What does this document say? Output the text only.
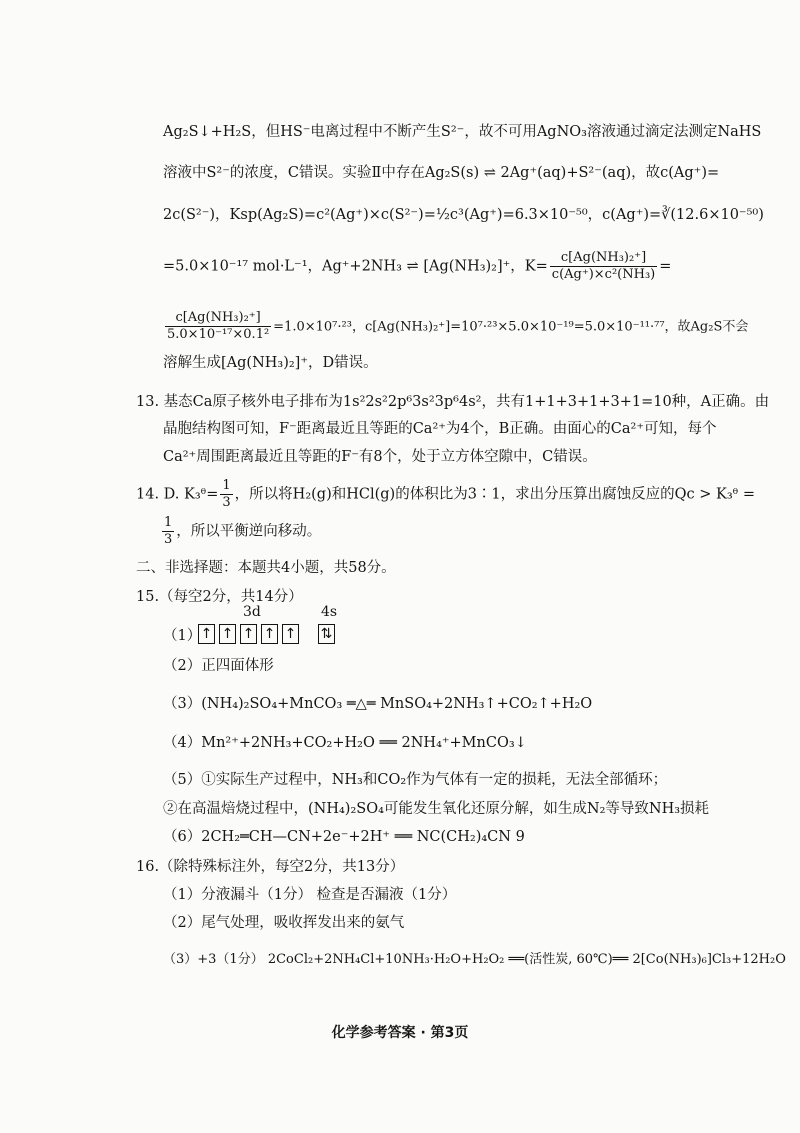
Ag₂S↓+H₂S，但HS⁻电离过程中不断产生S²⁻，故不可用AgNO₃溶液通过滴定法测定NaHS
溶液中S²⁻的浓度，C错误。实验Ⅱ中存在Ag₂S(s) ⇌ 2Ag⁺(aq)+S²⁻(aq)，故c(Ag⁺)=
2c(S²⁻)，Ksp(Ag₂S)=c²(Ag⁺)×c(S²⁻)=½c³(Ag⁺)=6.3×10⁻⁵⁰，c(Ag⁺)=∛(12.6×10⁻⁵⁰)
=5.0×10⁻¹⁷ mol·L⁻¹，Ag⁺+2NH₃ ⇌ [Ag(NH₃)₂]⁺，$K= \frac{\text{c[Ag(NH₃)₂⁺]}}{\text{c(Ag⁺)×c²(NH₃)}}$ =
$\frac{\text{c[Ag(NH₃)₂⁺]}}{\text{5.0×10⁻¹⁷×0.1²}} =1.0\times 10^7\cdot^{23}$，c[Ag(NH₃)₂⁺]=10⁷·²³×5.0×10⁻¹⁹=5.0×10⁻¹¹·⁷⁷，故Ag₂S不会
溶解生成[Ag(NH₃)₂]⁺，D错误。
13. 基态Ca原子核外电子排布为1s²2s²2p⁶3s²3p⁶4s²，共有1+1+3+1+3+1=10种，A正确。由
晶胞结构图可知，F⁻距离最近且等距的Ca²⁺为4个，B正确。由面心的Ca²⁺可知，每个
Ca²⁺周围距离最近且等距的F⁻有8个，处于立方体空隙中，C错误。
14. D. K₃ᶿ= $\frac{1}{3}$ ，所以将H₂(g)和HCl(g)的体积比为3∶1，求出分压算出腐蚀反应的Qc > K₃ᶿ =
$\frac{1}{3}$ ，所以平衡逆向移动。
二、非选择题：本题共4小题，共58分。
15.（每空2分，共14分）
（1）
3d	4s
↑ ↑ ↑ ↑ ↑ ⇅
（2）正四面体形
（3）(NH₄)₂SO₄+MnCO₃ ═△═ MnSO₄+2NH₃↑+CO₂↑+H₂O
（4）Mn²⁺+2NH₃+CO₂+H₂O ══ 2NH₄⁺+MnCO₃↓
（5）①实际生产过程中，NH₃和CO₂作为气体有一定的损耗，无法全部循环；
②在高温焙烧过程中，(NH₄)₂SO₄可能发生氧化还原分解，如生成N₂等导致NH₃损耗
（6）2CH₂═CH—CN+2e⁻+2H⁺ ══ NC(CH₂)₄CN 9
16.（除特殊标注外，每空2分，共13分）
（1）分液漏斗（1分） 检查是否漏液（1分）
（2）尾气处理，吸收挥发出来的氨气
（3）+3（1分） 2CoCl₂+2NH₄Cl+10NH₃·H₂O+H₂O₂ ══(活性炭, 60℃)══ 2[Co(NH₃)₆]Cl₃+12H₂O
化学参考答案 · 第3页
